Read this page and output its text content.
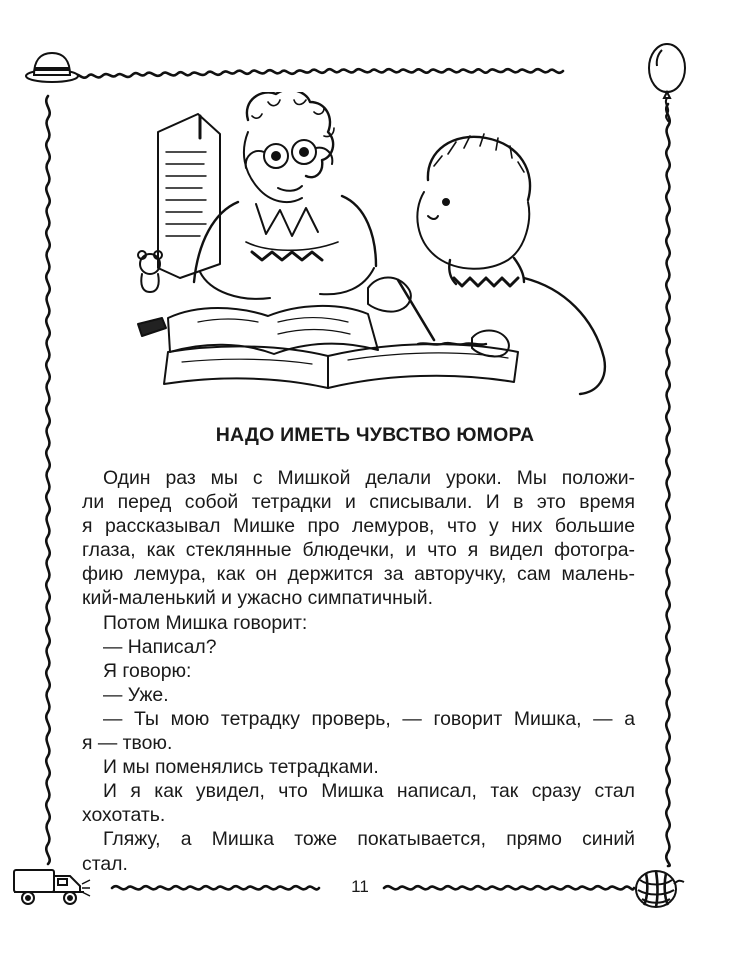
НАДО ИМЕТЬ ЧУВСТВО ЮМОРА
Один раз мы с Мишкой делали уроки. Мы положи-
ли перед собой тетрадки и списывали. И в это время
я рассказывал Мишке про лемуров, что у них большие
глаза, как стеклянные блюдечки, и что я видел фотогра-
фию лемура, как он держится за авторучку, сам малень-
кий-маленький и ужасно симпатичный.
Потом Мишка говорит:
— Написал?
Я говорю:
— Уже.
— Ты мою тетрадку проверь, — говорит Мишка, — а
я — твою.
И мы поменялись тетрадками.
И я как увидел, что Мишка написал, так сразу стал
хохотать.
Гляжу, а Мишка тоже покатывается, прямо синий
стал.
11
